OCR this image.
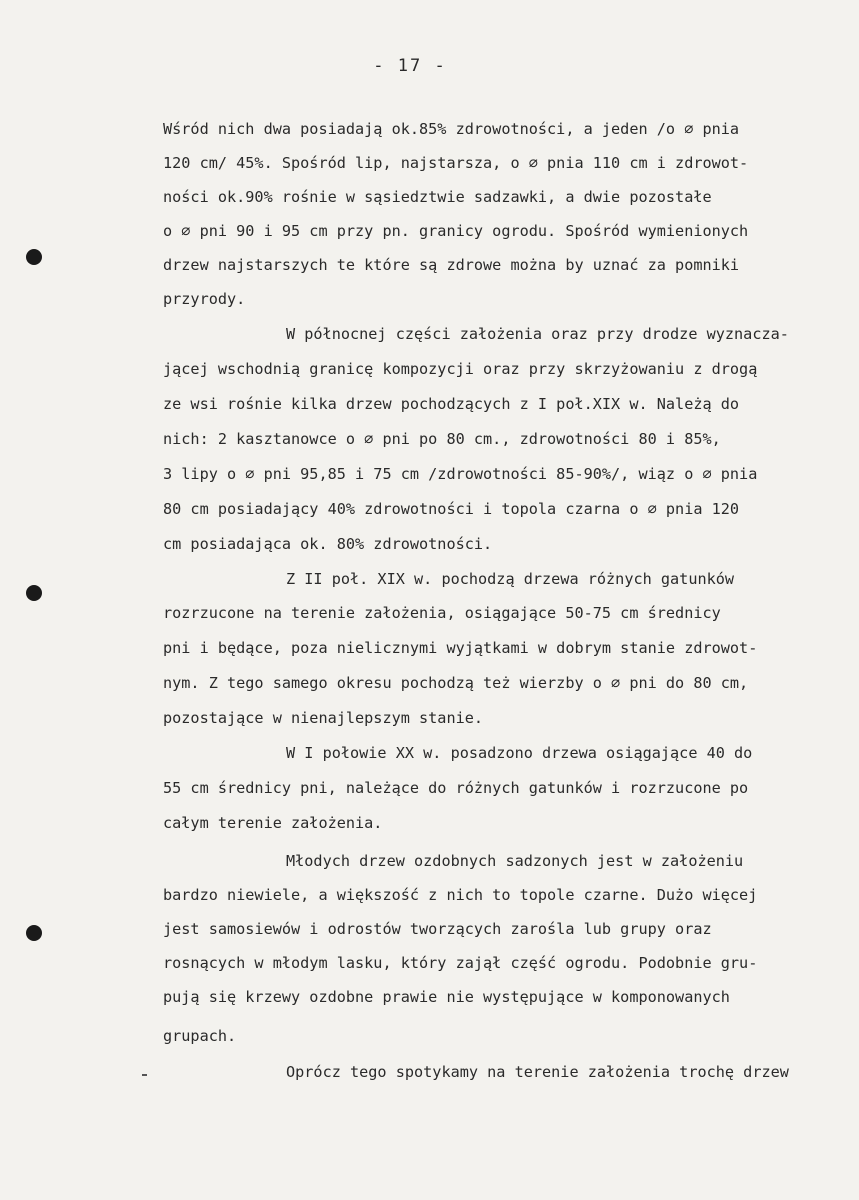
- 17 -
Wśród nich dwa posiadają ok.85% zdrowotności, a jeden /o ∅ pnia
120 cm/ 45%. Spośród lip, najstarsza, o ∅ pnia 110 cm i zdrowot-
ności ok.90% rośnie w sąsiedztwie sadzawki, a dwie pozostałe
o ∅ pni 90 i 95 cm przy pn. granicy ogrodu. Spośród wymienionych
drzew najstarszych te które są zdrowe można by uznać za pomniki
przyrody.
W północnej części założenia oraz przy drodze wyznacza-
jącej wschodnią granicę kompozycji oraz przy skrzyżowaniu z drogą
ze wsi rośnie kilka drzew pochodzących z I poł.XIX w. Należą do
nich: 2 kasztanowce o ∅ pni po 80 cm., zdrowotności 80 i 85%,
3 lipy o ∅ pni 95,85 i 75 cm /zdrowotności 85-90%/, wiąz o ∅ pnia
80 cm posiadający 40% zdrowotności i topola czarna o ∅ pnia 120
cm posiadająca ok. 80% zdrowotności.
Z II poł. XIX w. pochodzą drzewa różnych gatunków
rozrzucone na terenie założenia, osiągające 50-75 cm średnicy
pni i będące, poza nielicznymi wyjątkami w dobrym stanie zdrowot-
nym. Z tego samego okresu pochodzą też wierzby o ∅ pni do 80 cm,
pozostające w nienajlepszym stanie.
W I połowie XX w. posadzono drzewa osiągające 40 do
55 cm średnicy pni, należące do różnych gatunków i rozrzucone po
całym terenie założenia.
Młodych drzew ozdobnych sadzonych jest w założeniu
bardzo niewiele, a większość z nich to topole czarne. Dużo więcej
jest samosiewów i odrostów tworzących zarośla lub grupy oraz
rosnących w młodym lasku, który zajął część ogrodu. Podobnie gru-
pują się krzewy ozdobne prawie nie występujące w komponowanych
grupach.
Oprócz tego spotykamy na terenie założenia trochę drzew
